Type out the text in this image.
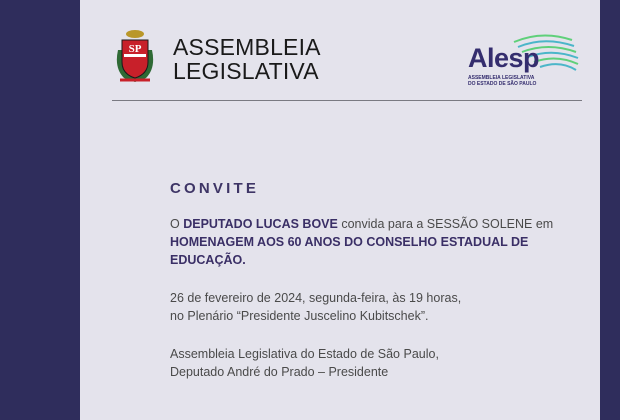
SP ASSEMBLEIA
LEGISLATIVA	Alesp
ASSEMBLEIA LEGISLATIVA
DO ESTADO DE SÃO PAULO
CONVITE

O DEPUTADO LUCAS BOVE convida para a SESSÃO SOLENE em HOMENAGEM AOS 60 ANOS DO CONSELHO ESTADUAL DE EDUCAÇÃO.

26 de fevereiro de 2024, segunda-feira, às 19 horas,
no Plenário “Presidente Juscelino Kubitschek”.

Assembleia Legislativa do Estado de São Paulo,
Deputado André do Prado – Presidente
